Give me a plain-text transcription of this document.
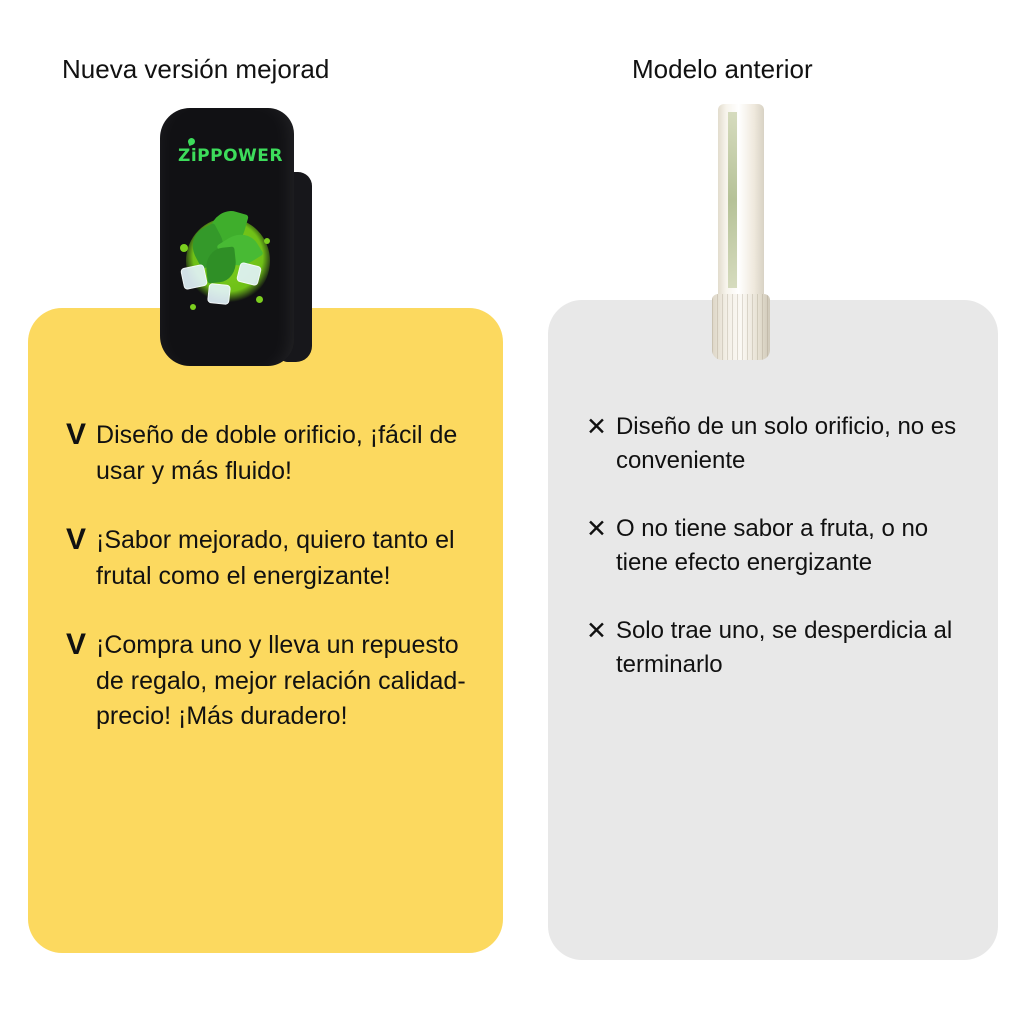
Nueva versión mejorad	Modelo anterior
V Diseño de doble orificio, ¡fácil de usar y más fluido!
V ¡Sabor mejorado, quiero tanto el frutal como el energizante!
V ¡Compra uno y lleva un repuesto de regalo, mejor relación calidad-precio! ¡Más duradero!
✕ Diseño de un solo orificio, no es conveniente
✕ O no tiene sabor a fruta, o no tiene efecto energizante
✕ Solo trae uno, se desperdicia al terminarlo
ZiPPOWER
